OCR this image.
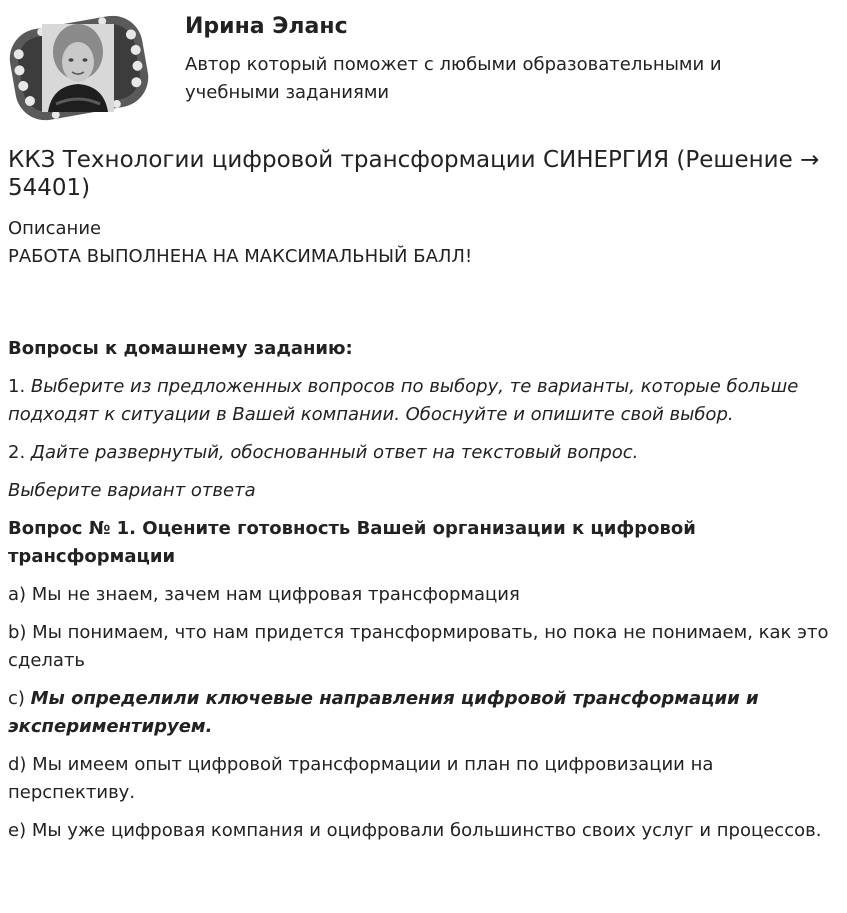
Ирина Эланс
Автор который поможет с любыми образовательными и учебными заданиями
ККЗ Технологии цифровой трансформации СИНЕРГИЯ (Решение → 54401)
Описание
РАБОТА ВЫПОЛНЕНА НА МАКСИМАЛЬНЫЙ БАЛЛ!
Вопросы к домашнему заданию:

1. Выберите из предложенных вопросов по выбору, те варианты, которые больше подходят к ситуации в Вашей компании. Обоснуйте и опишите свой выбор.

2. Дайте развернутый, обоснованный ответ на текстовый вопрос.

Выберите вариант ответа

Вопрос № 1. Оцените готовность Вашей организации к цифровой трансформации

a) Мы не знаем, зачем нам цифровая трансформация

b) Мы понимаем, что нам придется трансформировать, но пока не понимаем, как это сделать

c) Мы определили ключевые направления цифровой трансформации и экспериментируем.

d) Мы имеем опыт цифровой трансформации и план по цифровизации на перспективу.

e) Мы уже цифровая компания и оцифровали большинство своих услуг и процессов.
